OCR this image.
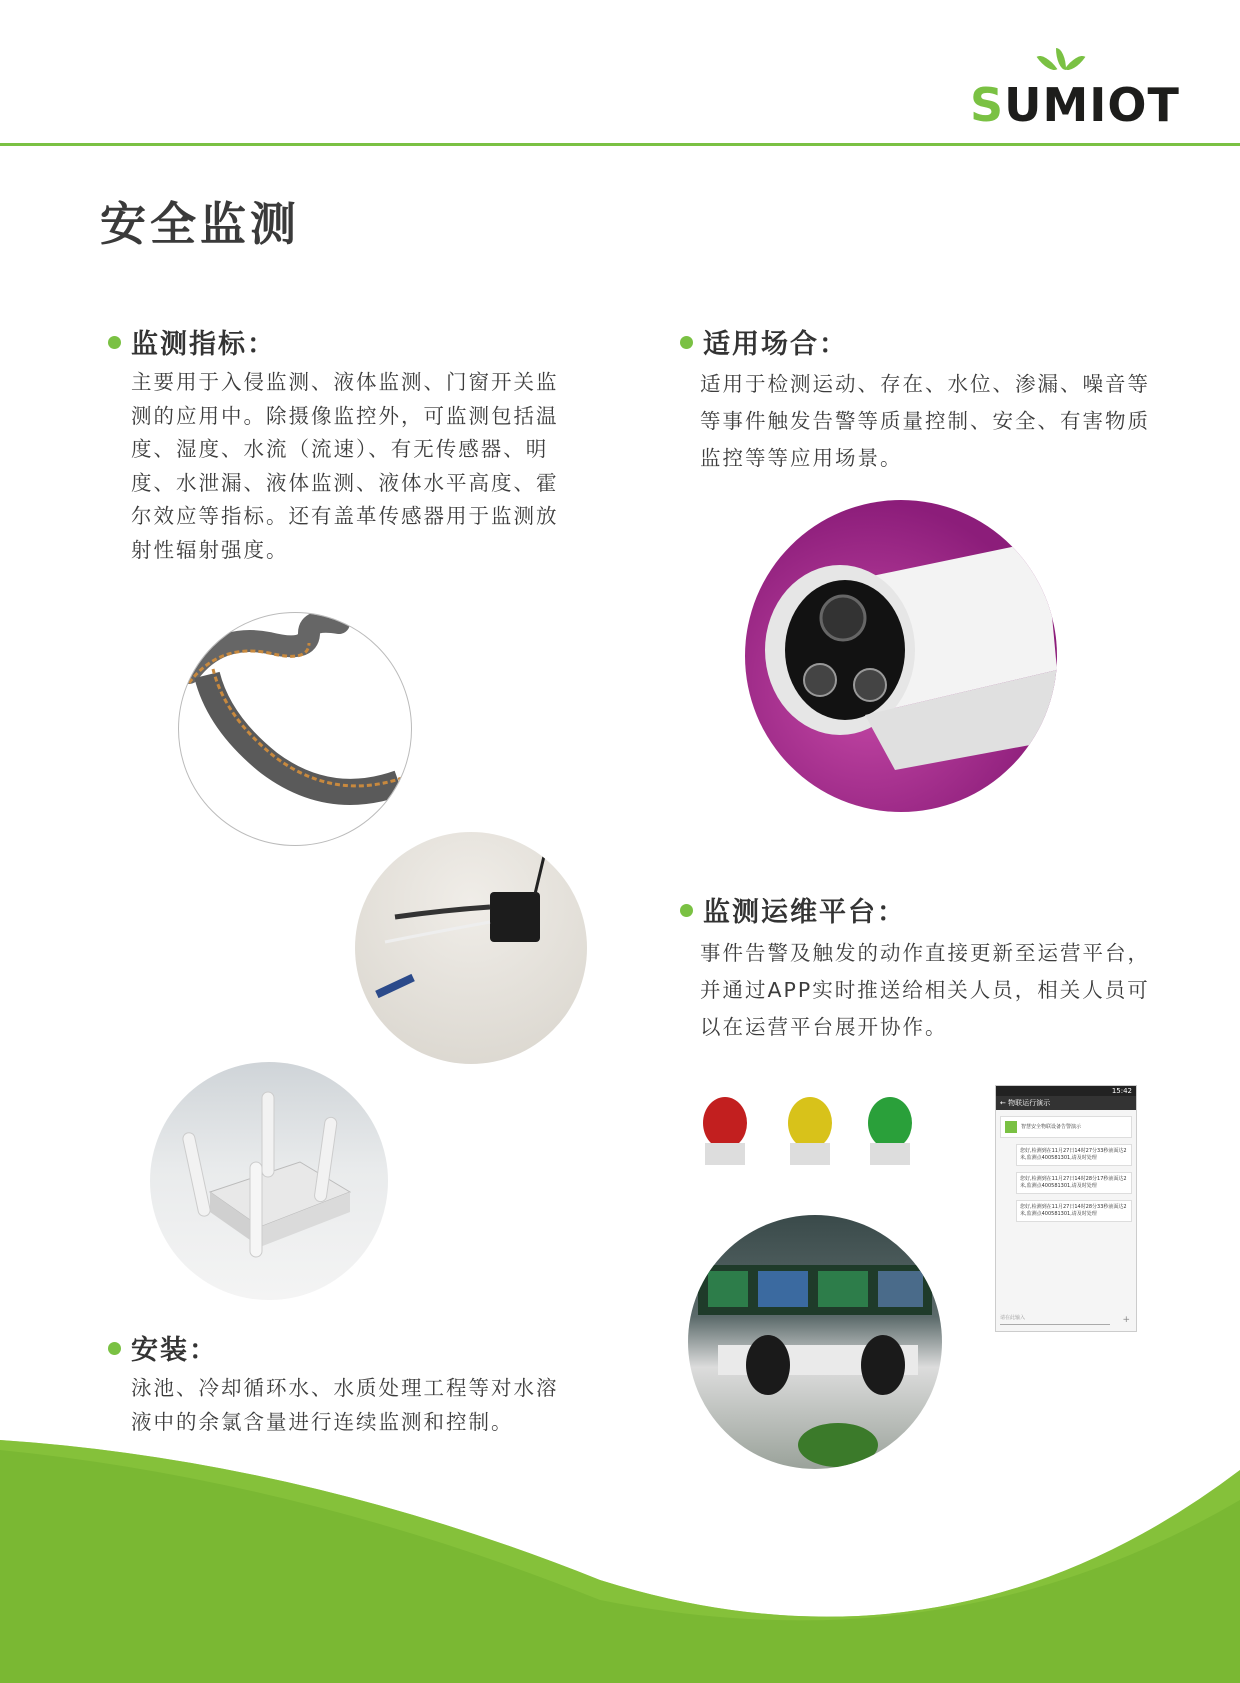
SUMIOT
安全监测
监测指标：
主要用于入侵监测、液体监测、门窗开关监测的应用中。除摄像监控外，可监测包括温度、湿度、水流（流速）、有无传感器、明度、水泄漏、液体监测、液体水平高度、霍尔效应等指标。还有盖革传感器用于监测放射性辐射强度。
适用场合：
适用于检测运动、存在、水位、渗漏、噪音等等事件触发告警等质量控制、安全、有害物质监控等等应用场景。
监测运维平台：
事件告警及触发的动作直接更新至运营平台，并通过APP实时推送给相关人员，相关人员可以在运营平台展开协作。
安装：
泳池、冷却循环水、水质处理工程等对水溶液中的余氯含量进行连续监测和控制。
15:42
← 物联运行演示
智慧安全物联设备告警演示
您好,检测到在11月27日14时27分33秒液面达2米,监测点400581301,请及时处理
您好,检测到在11月27日14时28分17秒液面达2米,监测点400581301,请及时处理
您好,检测到在11月27日14时28分33秒液面达2米,监测点400581301,请及时处理
请在此输入	+
